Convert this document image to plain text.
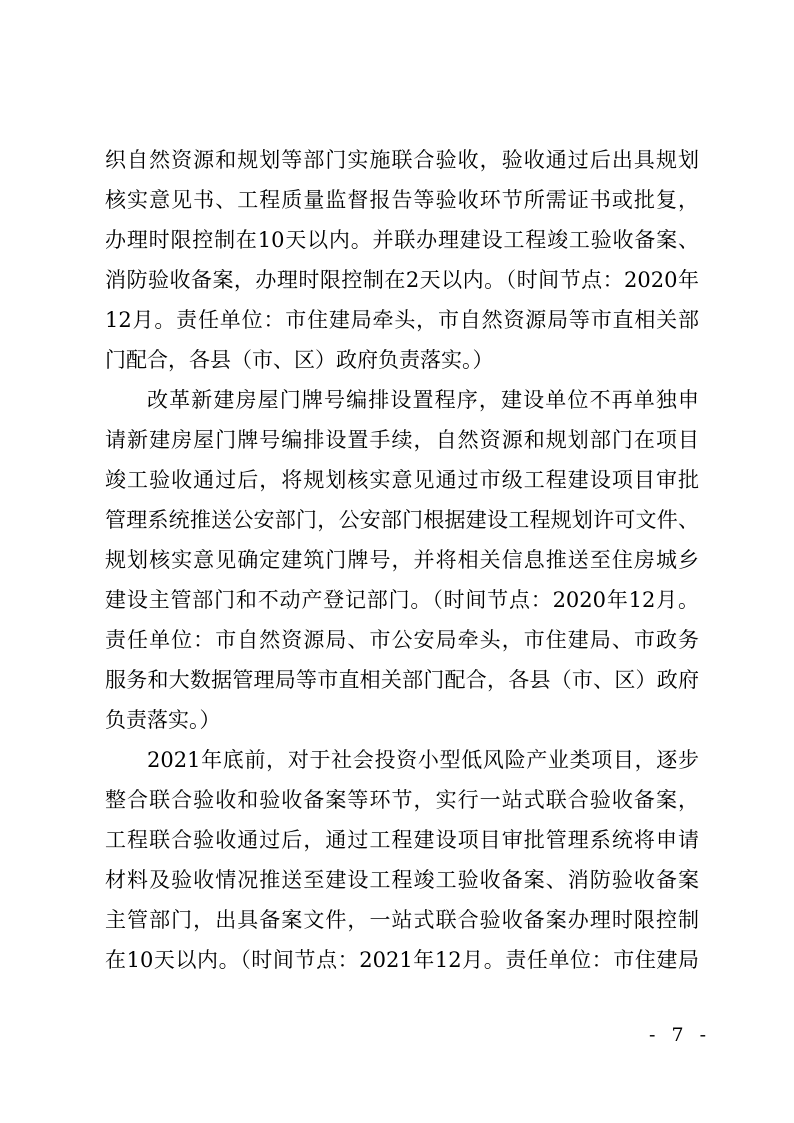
织自然资源和规划等部门实施联合验收，验收通过后出具规划
核实意见书、工程质量监督报告等验收环节所需证书或批复，
办理时限控制在10天以内。并联办理建设工程竣工验收备案、
消防验收备案，办理时限控制在2天以内。（时间节点：2020年
12月。责任单位：市住建局牵头，市自然资源局等市直相关部
门配合，各县（市、区）政府负责落实。）
改革新建房屋门牌号编排设置程序，建设单位不再单独申
请新建房屋门牌号编排设置手续，自然资源和规划部门在项目
竣工验收通过后，将规划核实意见通过市级工程建设项目审批
管理系统推送公安部门，公安部门根据建设工程规划许可文件、
规划核实意见确定建筑门牌号，并将相关信息推送至住房城乡
建设主管部门和不动产登记部门。（时间节点：2020年12月。
责任单位：市自然资源局、市公安局牵头，市住建局、市政务
服务和大数据管理局等市直相关部门配合，各县（市、区）政府
负责落实。）
2021年底前，对于社会投资小型低风险产业类项目，逐步
整合联合验收和验收备案等环节，实行一站式联合验收备案，
工程联合验收通过后，通过工程建设项目审批管理系统将申请
材料及验收情况推送至建设工程竣工验收备案、消防验收备案
主管部门，出具备案文件，一站式联合验收备案办理时限控制
在10天以内。（时间节点：2021年12月。责任单位：市住建局
- 7 -
